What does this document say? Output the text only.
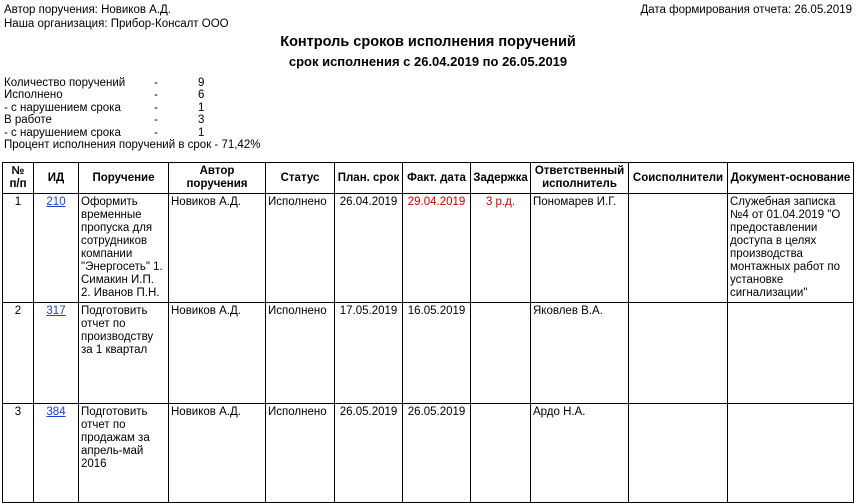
Автор поручения: Новиков А.Д.
Наша организация: Прибор-Консалт ООО
Дата формирования отчета: 26.05.2019
Контроль сроков исполнения поручений
срок исполнения с 26.04.2019 по 26.05.2019
Количество поручений	-	9
Исполнено	-	6
- с нарушением срока	-	1
В работе	-	3
- с нарушением срока	-	1
Процент исполнения поручений в срок - 71,42%
№ п/п	ИД	Поручение	Автор поручения	Статус	План. срок	Факт. дата	Задержка	Ответственный исполнитель	Соисполнители	Документ-основание
1	210	Оформить временные пропуска для сотрудников компании "Энергосеть" 1. Симакин И.П. 2. Иванов П.Н.	Новиков А.Д.	Исполнено	26.04.2019	29.04.2019	3 р.д.	Пономарев И.Г.		Служебная записка №4 от 01.04.2019 "О предоставлении доступа в целях производства монтажных работ по установке сигнализации"
2	317	Подготовить отчет по производству за 1 квартал	Новиков А.Д.	Исполнено	17.05.2019	16.05.2019		Яковлев В.А.		
3	384	Подготовить отчет по продажам за апрель-май 2016	Новиков А.Д.	Исполнено	26.05.2019	26.05.2019		Ардо Н.А.		
